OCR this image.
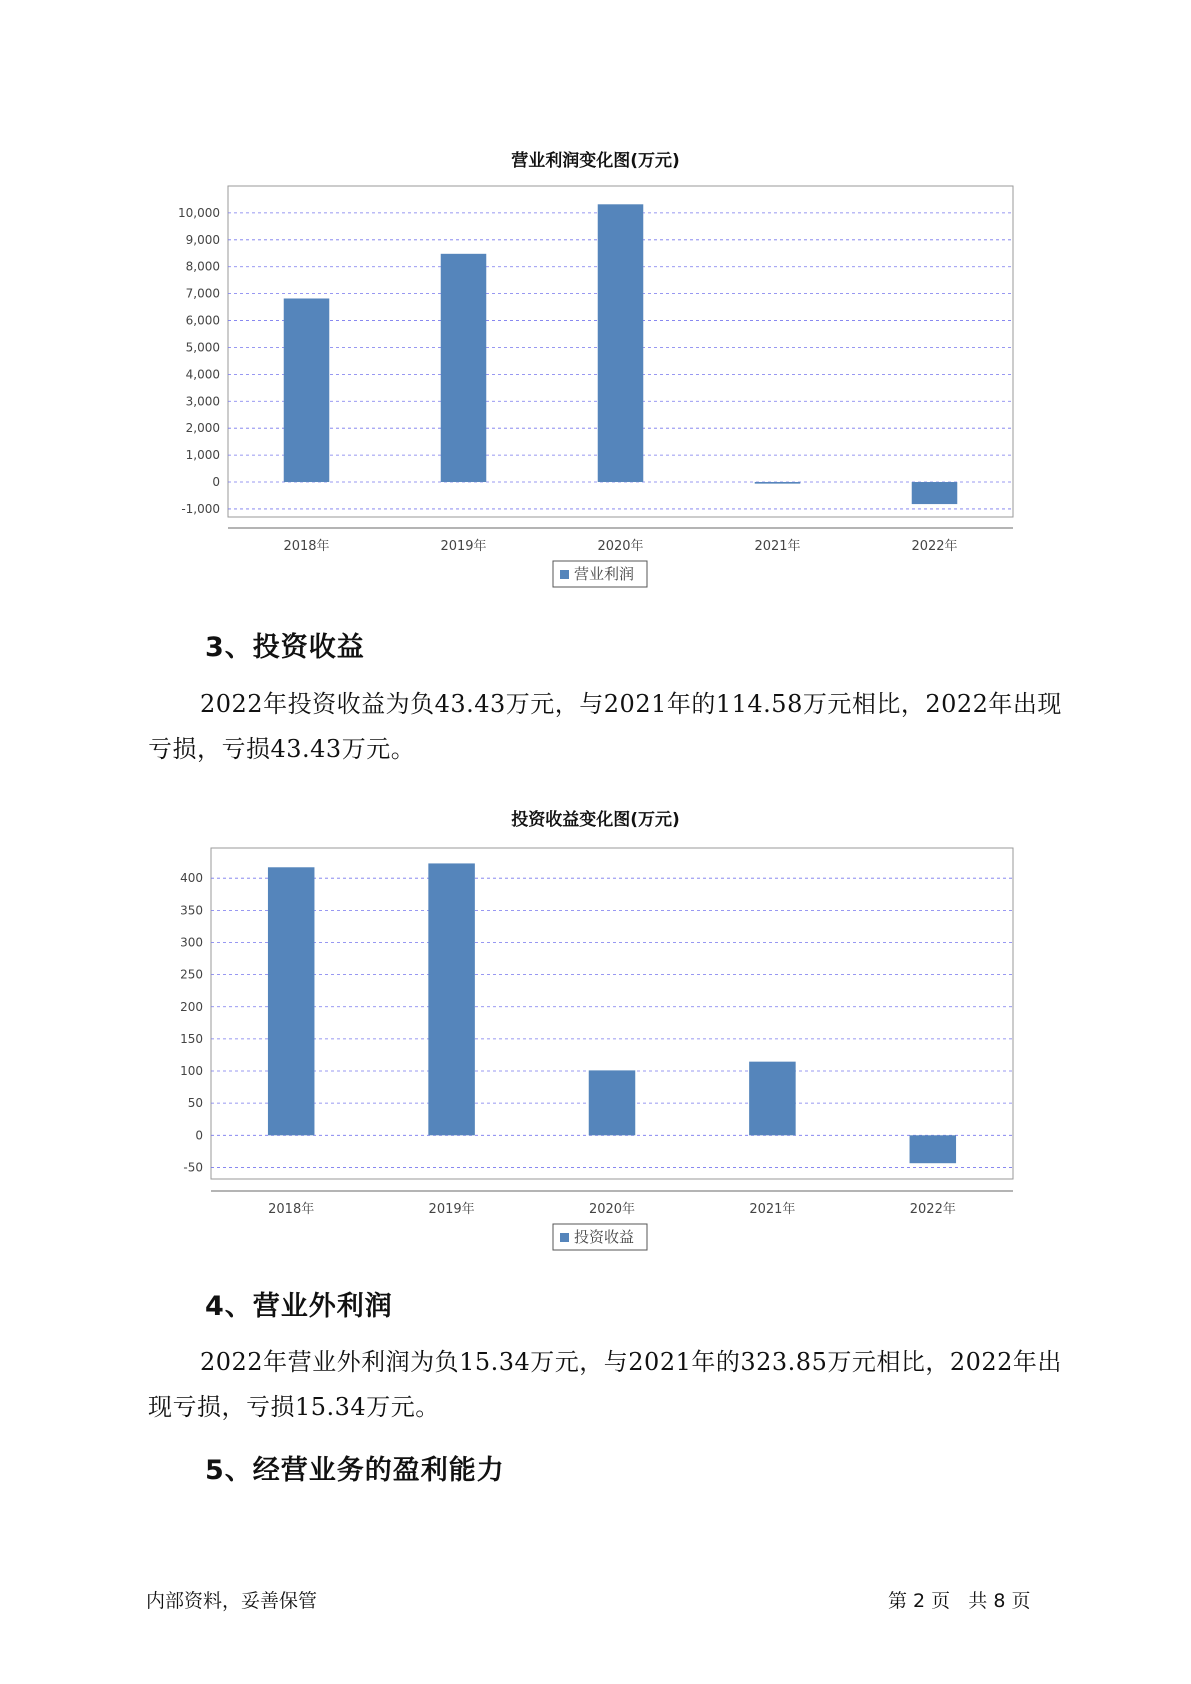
营业利润变化图(万元)
-1,000
0
1,000
2,000
3,000
4,000
5,000
6,000
7,000
8,000
9,000
10,000
2018年	2019年	2020年	2021年	2022年
营业利润
3、投资收益
2022年投资收益为负43.43万元，与2021年的114.58万元相比，2022年出现亏损，亏损43.43万元。
投资收益变化图(万元)
-50
0
50
100
150
200
250
300
350
400
2018年	2019年	2020年	2021年	2022年
投资收益
4、营业外利润
2022年营业外利润为负15.34万元，与2021年的323.85万元相比，2022年出现亏损，亏损15.34万元。
5、经营业务的盈利能力
内部资料，妥善保管	第 2 页   共 8 页
